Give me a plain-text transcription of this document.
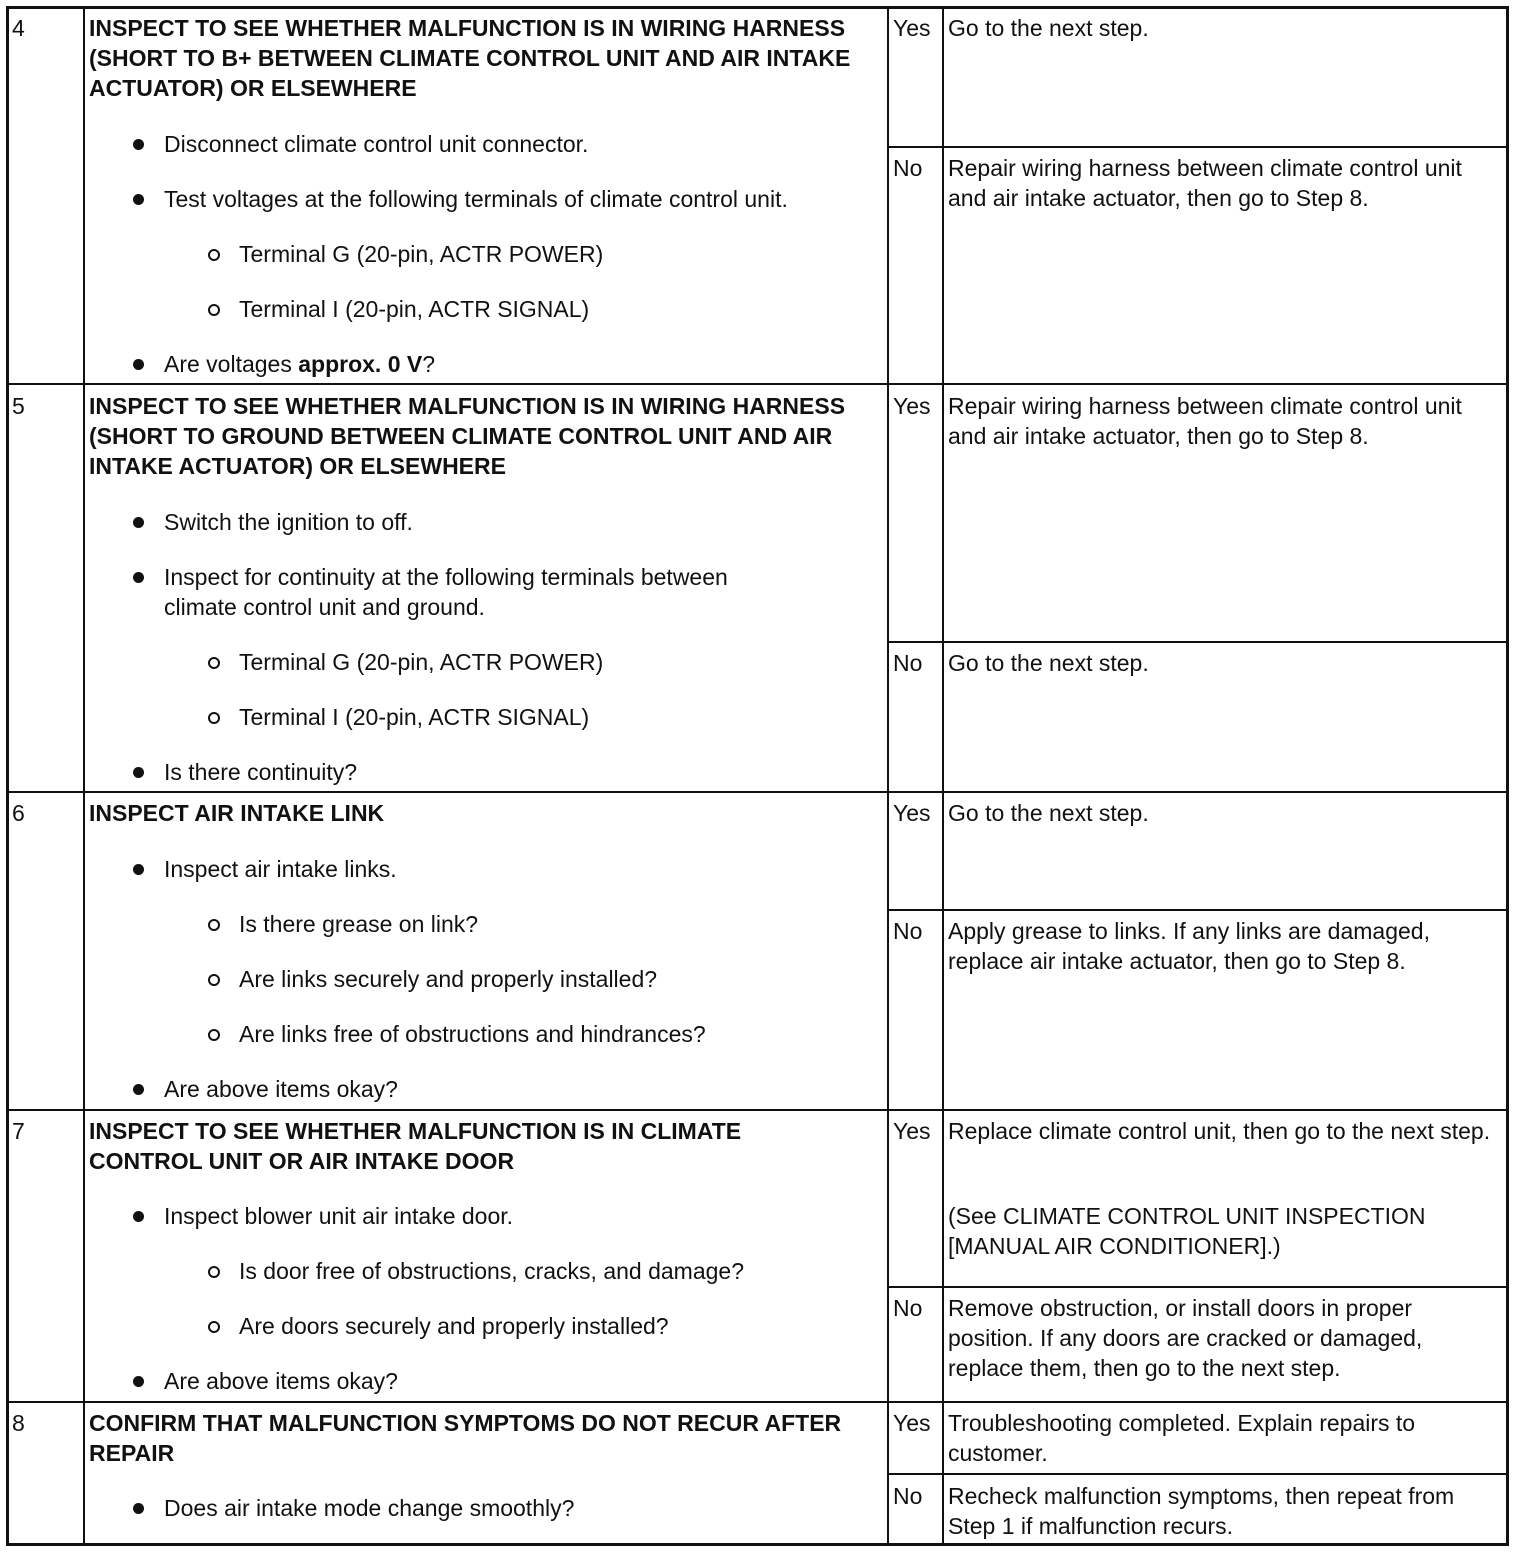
4	INSPECT TO SEE WHETHER MALFUNCTION IS IN WIRING HARNESS (SHORT TO B+ BETWEEN CLIMATE CONTROL UNIT AND AIR INTAKE ACTUATOR) OR ELSEWHERE
Disconnect climate control unit connector.
Test voltages at the following terminals of climate control unit.
Terminal G (20-pin, ACTR POWER)
Terminal I (20-pin, ACTR SIGNAL)
Are voltages approx. 0 V?
Yes Go to the next step.
No	Repair wiring harness between climate control unit and air intake actuator, then go to Step 8.
5	INSPECT TO SEE WHETHER MALFUNCTION IS IN WIRING HARNESS (SHORT TO GROUND BETWEEN CLIMATE CONTROL UNIT AND AIR INTAKE ACTUATOR) OR ELSEWHERE
Switch the ignition to off.
Inspect for continuity at the following terminals between climate control unit and ground.
Terminal G (20-pin, ACTR POWER)
Terminal I (20-pin, ACTR SIGNAL)
Is there continuity?
Yes Repair wiring harness between climate control unit and air intake actuator, then go to Step 8.
No	Go to the next step.
6	INSPECT AIR INTAKE LINK
Inspect air intake links.
Is there grease on link?
Are links securely and properly installed?
Are links free of obstructions and hindrances?
Are above items okay?
Yes Go to the next step.
No	Apply grease to links. If any links are damaged, replace air intake actuator, then go to Step 8.
7	INSPECT TO SEE WHETHER MALFUNCTION IS IN CLIMATE CONTROL UNIT OR AIR INTAKE DOOR
Inspect blower unit air intake door.
Is door free of obstructions, cracks, and damage?
Are doors securely and properly installed?
Are above items okay?
Yes Replace climate control unit, then go to the next step.
(See CLIMATE CONTROL UNIT INSPECTION [MANUAL AIR CONDITIONER].)
No	Remove obstruction, or install doors in proper position. If any doors are cracked or damaged, replace them, then go to the next step.
8	CONFIRM THAT MALFUNCTION SYMPTOMS DO NOT RECUR AFTER REPAIR
Does air intake mode change smoothly?
Yes Troubleshooting completed. Explain repairs to customer.
No	Recheck malfunction symptoms, then repeat from Step 1 if malfunction recurs.
